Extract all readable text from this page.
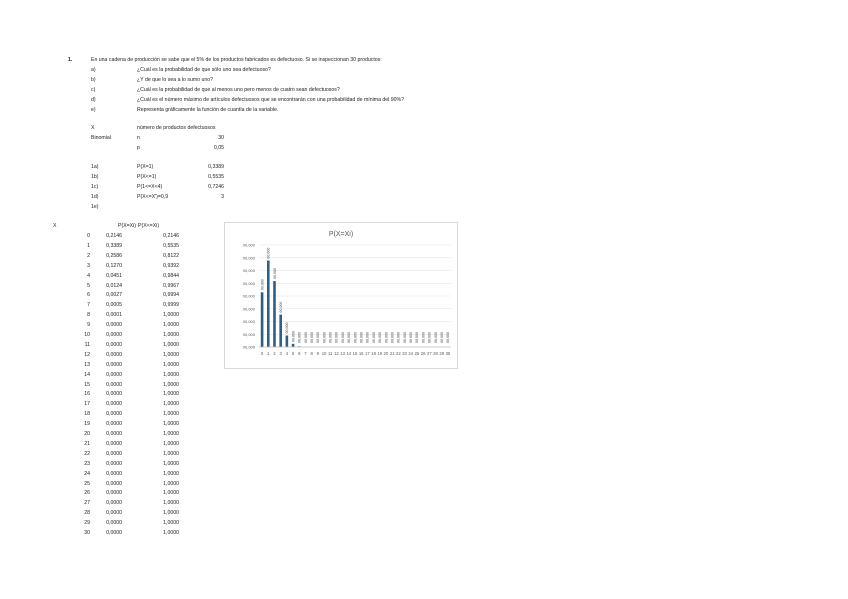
1.	En una cadena de producción se sabe que el 5% de los productos fabricados es defectuoso. Si se inspeccionan 30 productos:
a)	¿Cuál es la probabilidad de que sólo uno sea defectuoso?
b)	¿Y de que lo sea a lo sumo uno?
c)	¿Cuál es la probabilidad de que al menos uno pero menos de cuatro sean defectuosos?
d)	¿Cuál es el número máximo de artículos defectuosos que se encontrarán con una probabilidad de mínima del 90%?
e)	Representa gráficamente la función de cuantía de la variable.
X	número de productos defectuosos
Binomial	n	30
p	0,05
1a)	P(X=1)	0,3389
1b)	P(X<=1)	0,5535
1c)	P(1<=X<4)	0,7246
1d)	P(X<=X')=0,9	3
1e)
X	P(X=Xi) P(X<=Xi)
0	0,2146	0,2146
1	0,3389	0,5535
2	0,2586	0,8122
3	0,1270	0,9392
4	0,0451	0,9844
5	0,0124	0,9967
6	0,0027	0,9994
7	0,0005	0,9999
8	0,0001	1,0000
9	0,0000	1,0000
10	0,0000	1,0000
11	0,0000	1,0000
12	0,0000	1,0000
13	0,0000	1,0000
14	0,0000	1,0000
15	0,0000	1,0000
16	0,0000	1,0000
17	0,0000	1,0000
18	0,0000	1,0000
19	0,0000	1,0000
20	0,0000	1,0000
21	0,0000	1,0000
22	0,0000	1,0000
23	0,0000	1,0000
24	0,0000	1,0000
25	0,0000	1,0000
26	0,0000	1,0000
27	0,0000	1,0000
28	0,0000	1,0000
29	0,0000	1,0000
30	0,0000	1,0000
P(X=Xi)
00,000
00,000
00,000
00,000
00,000
00,000
00,000
00,000
00,000
0
00,000
1
00,000
2
00,000
3
00,000
4
00,000
5
00,000
6
00,000
7
00,000
8
00,000
9
00,000
10
00,000
11
00,000
12
00,000
13
00,000
14
00,000
15
00,000
16
00,000
17
00,000
18
00,000
19
00,000
20
00,000
21
00,000
22
00,000
23
00,000
24
00,000
25
00,000
26
00,000
27
00,000
28
00,000
29
00,000
30
00,000
